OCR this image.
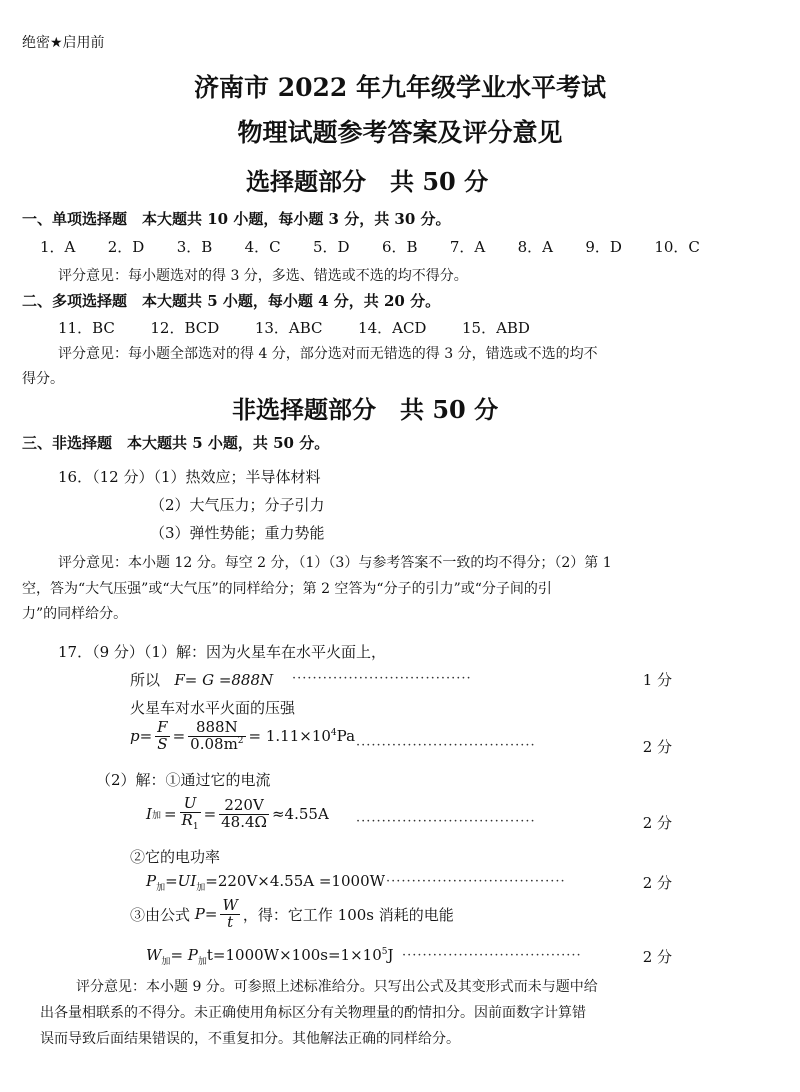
绝密★启用前
济南市 2022 年九年级学业水平考试
物理试题参考答案及评分意见
选择题部分　共 50 分
一、单项选择题　本大题共 10 小题，每小题 3 分，共 30 分。
1．A 2．D 3．B 4．C 5．D 6．B 7．A 8．A 9．D 10．C
评分意见：每小题选对的得 3 分，多选、错选或不选的均不得分。
二、多项选择题　本大题共 5 小题，每小题 4 分，共 20 分。
11．BC 12．BCD 13．ABC 14．ACD 15．ABD
评分意见：每小题全部选对的得 4 分，部分选对而无错选的得 3 分，错选或不选的均不
得分。
非选择题部分　共 50 分
三、非选择题　本大题共 5 小题，共 50 分。
16．（12 分）（1）热效应；半导体材料
（2）大气压力；分子引力
（3）弹性势能；重力势能
评分意见：本小题 12 分。每空 2 分，（1）（3）与参考答案不一致的均不得分；（2）第 1
空，答为“大气压强”或“大气压”的同样给分；第 2 空答为“分子的引力”或“分子间的引
力”的同样给分。
17．（9 分）（1）解：因为火星车在水平火面上，
所以 F= G =888N ···································	1 分
火星车对水平火面的压强
$p= \frac{F}{S} = \frac{888N}{0.08m^2} = 1.11\times 10^4Pa$
···································	2 分
（2）解：①通过它的电流
I 加 = $\frac{U}{R_1} = \frac{220V}{48.4\Omega} \approx 4.55A$ ···································	2 分
②它的电功率
$P_加=UI_加=220V\times 4.55A =1000W$ ···································	2 分
③由公式
$P= \frac{W}{t}$ ，得：它工作 100s 消耗的电能
$W_加= P_加t=1000W\times 100s=1\times 10^5J$ ···································	2 分
评分意见：本小题 9 分。可参照上述标准给分。只写出公式及其变形式而未与题中给
出各量相联系的不得分。未正确使用角标区分有关物理量的酌情扣分。因前面数字计算错
误而导致后面结果错误的，不重复扣分。其他解法正确的同样给分。
